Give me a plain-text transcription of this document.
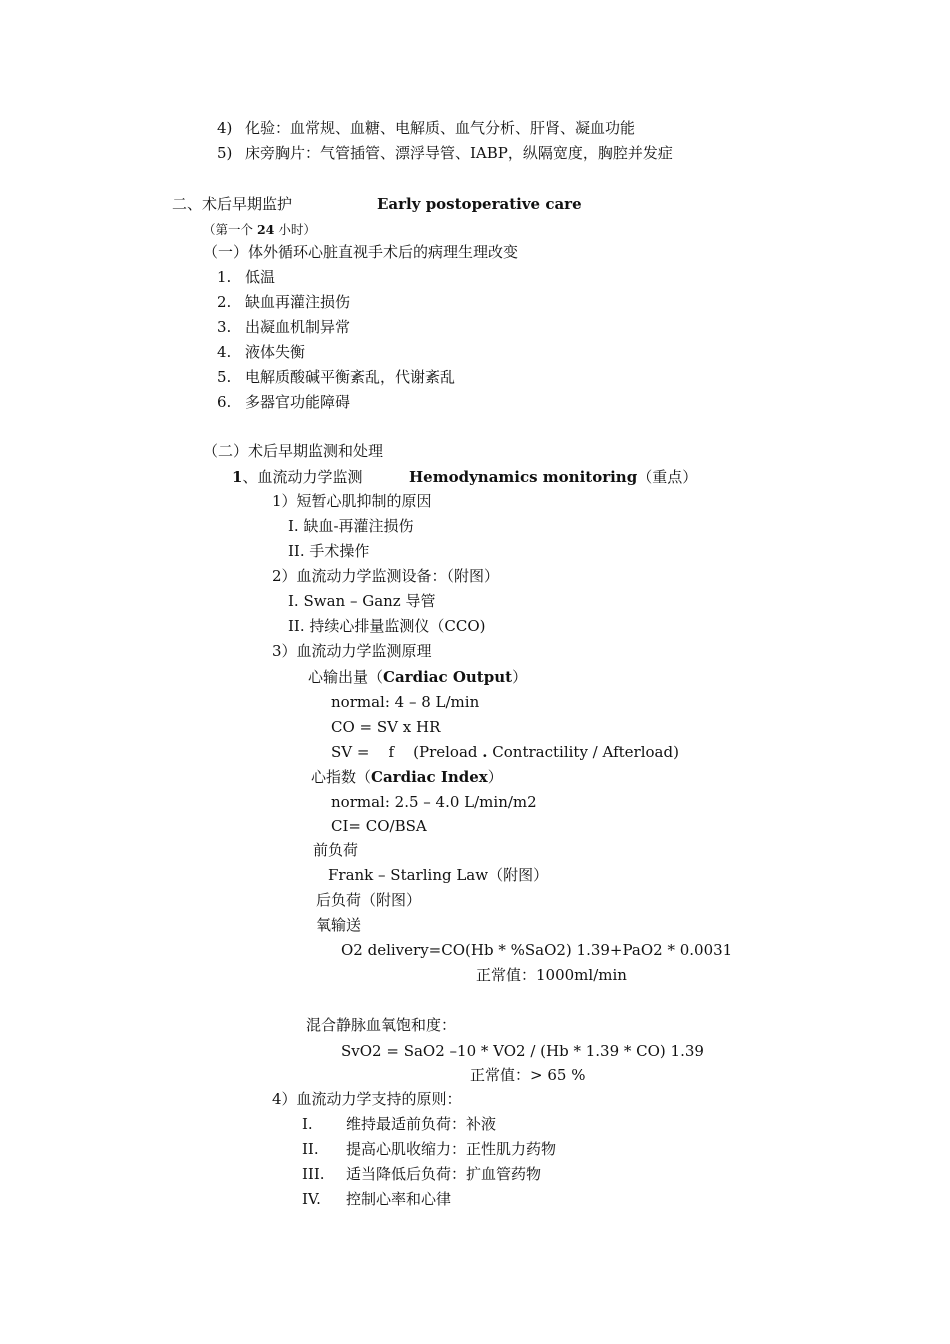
4) 化验：血常规、血糖、电解质、血气分析、肝肾、凝血功能
5) 床旁胸片：气管插管、漂浮导管、IABP，纵隔宽度，胸腔并发症
二、术后早期监护	Early postoperative care
（第一个 24 小时）
（一）体外循环心脏直视手术后的病理生理改变
1. 低温
2. 缺血再灌注损伤
3. 出凝血机制异常
4. 液体失衡
5. 电解质酸碱平衡紊乱，代谢紊乱
6. 多器官功能障碍
（二）术后早期监测和处理
1、血流动力学监测	Hemodynamics monitoring（重点）
1）短暂心肌抑制的原因
I. 缺血-再灌注损伤
II. 手术操作
2）血流动力学监测设备：（附图）
I. Swan – Ganz 导管
II. 持续心排量监测仪（CCO)
3）血流动力学监测原理
心输出量（Cardiac Output）
normal: 4 – 8 L/min
CO = SV x HR
SV =    f    (Preload . Contractility / Afterload)
心指数（Cardiac Index）
normal: 2.5 – 4.0 L/min/m2
CI= CO/BSA
前负荷
Frank – Starling Law（附图）
后负荷（附图）
氧输送
O2 delivery=CO(Hb * %SaO2) 1.39+PaO2 * 0.0031
正常值：1000ml/min
混合静脉血氧饱和度：
SvO2 = SaO2 –10 * VO2 / (Hb * 1.39 * CO) 1.39
正常值：> 65 %
4）血流动力学支持的原则：
I. 维持最适前负荷：补液
II. 提高心肌收缩力：正性肌力药物
III. 适当降低后负荷：扩血管药物
IV. 控制心率和心律
